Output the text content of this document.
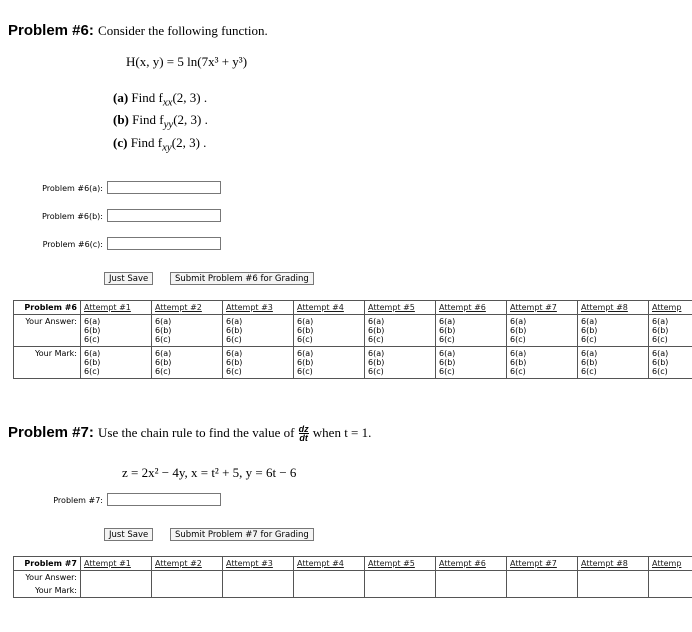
Problem #6: Consider the following function.
H(x, y) = 5 ln(7x³ + y³)
(a) Find $f_{xx}(2$, 3) .
(b) Find $f_{yy}(2$, 3) .
(c) Find $f_{xy}(2$, 3) .
Problem #6(a):
Problem #6(b):
Problem #6(c):
Just Save	Submit Problem #6 for Grading
Problem #6	Attempt #1	Attempt #2	Attempt #3	Attempt #4	Attempt #5	Attempt #6	Attempt #7	Attempt #8	Attemp
Your Answer:	6(a)
6(b)
6(c)	6(a)
6(b)
6(c)	6(a)
6(b)
6(c)	6(a)
6(b)
6(c)	6(a)
6(b)
6(c)	6(a)
6(b)
6(c)	6(a)
6(b)
6(c)	6(a)
6(b)
6(c)	6(a)
6(b)
6(c)
Your Mark:	6(a)
6(b)
6(c)	6(a)
6(b)
6(c)	6(a)
6(b)
6(c)	6(a)
6(b)
6(c)	6(a)
6(b)
6(c)	6(a)
6(b)
6(c)	6(a)
6(b)
6(c)	6(a)
6(b)
6(c)	6(a)
6(b)
6(c)
Problem #7: Use the chain rule to find the value of $\frac{dz}{dt}$ when t = 1.
z = 2x² − 4y, x = t² + 5, y = 6t − 6
Problem #7:
Just Save	Submit Problem #7 for Grading
Problem #7	Attempt #1	Attempt #2	Attempt #3	Attempt #4	Attempt #5	Attempt #6	Attempt #7	Attempt #8	Attemp
Your Answer:									
Your Mark:									
